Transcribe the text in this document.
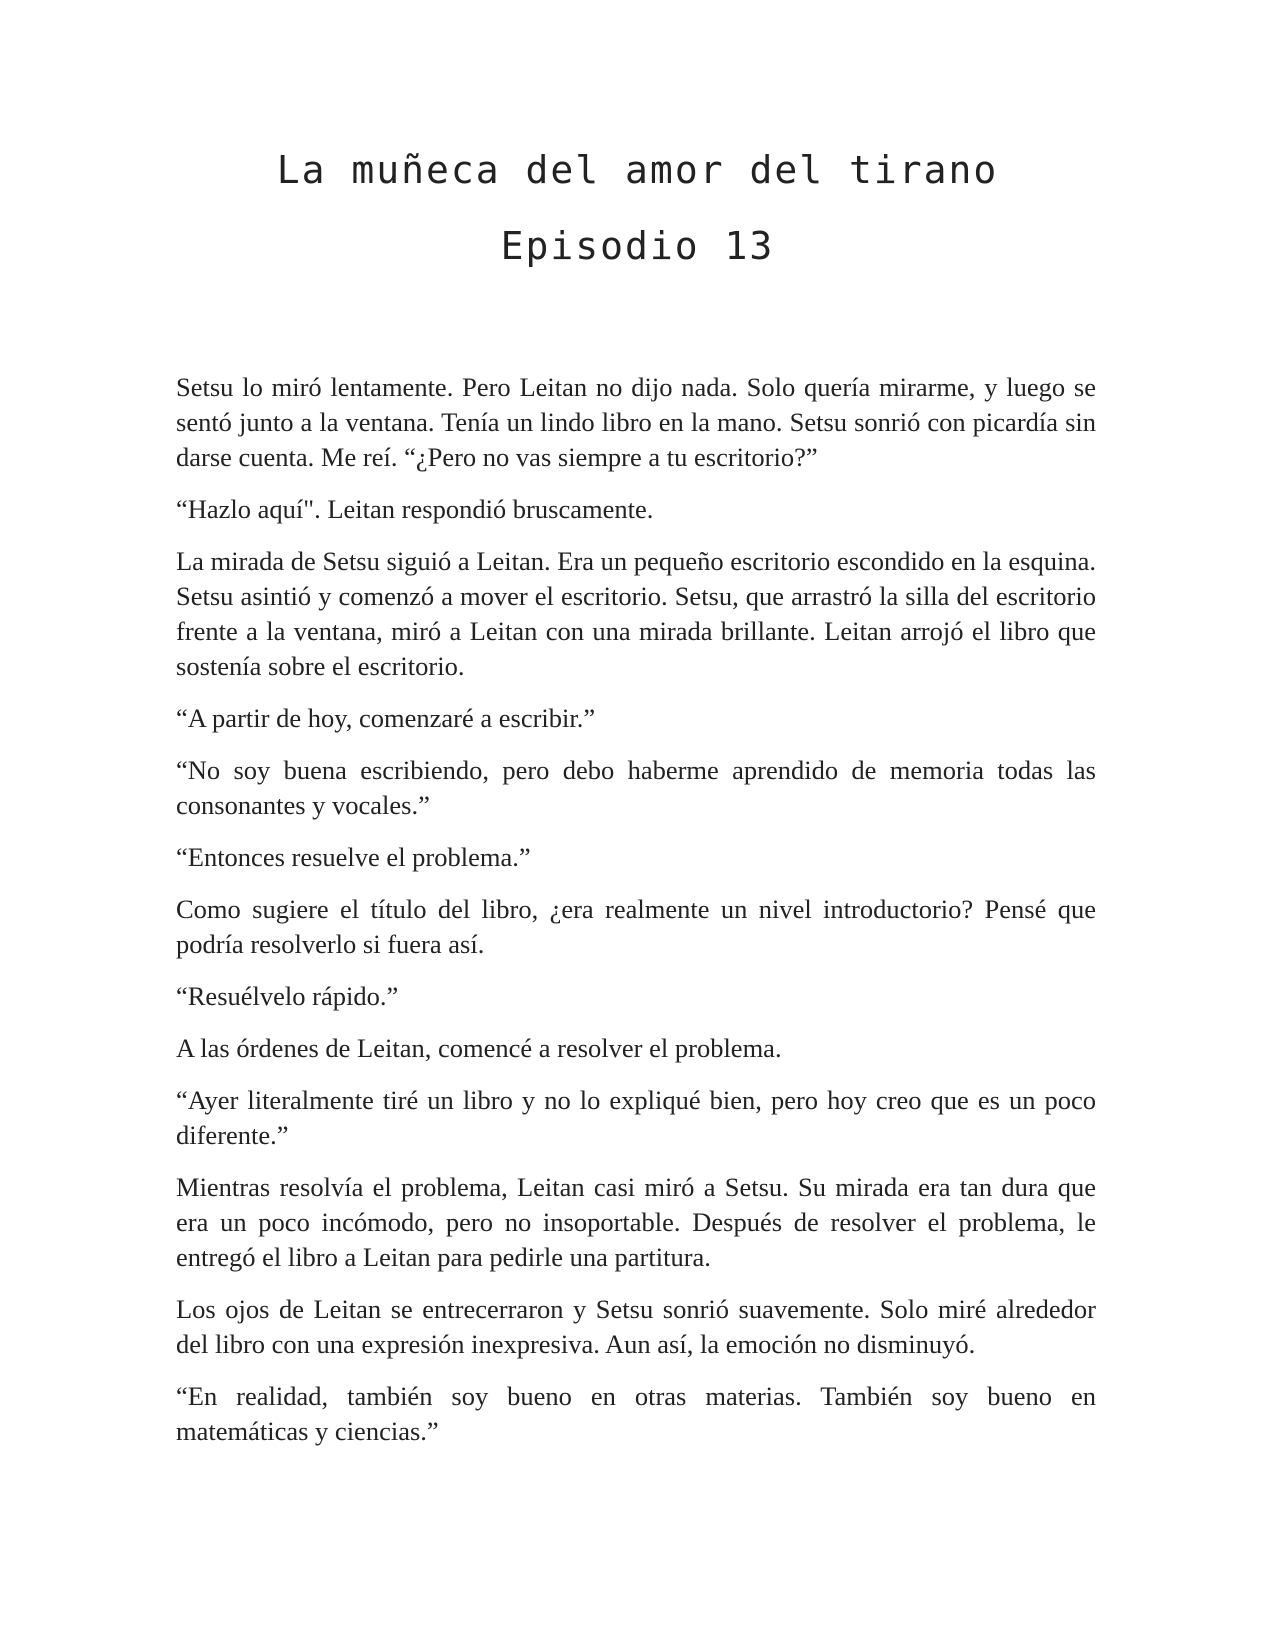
La muñeca del amor del tirano
Episodio 13

Setsu lo miró lentamente. Pero Leitan no dijo nada. Solo quería mirarme, y luego se sentó junto a la ventana. Tenía un lindo libro en la mano. Setsu sonrió con picardía sin darse cuenta. Me reí. “¿Pero no vas siempre a tu escritorio?”

“Hazlo aquí". Leitan respondió bruscamente.

La mirada de Setsu siguió a Leitan. Era un pequeño escritorio escondido en la esquina. Setsu asintió y comenzó a mover el escritorio. Setsu, que arrastró la silla del escritorio frente a la ventana, miró a Leitan con una mirada brillante. Leitan arrojó el libro que sostenía sobre el escritorio.

“A partir de hoy, comenzaré a escribir.”

“No soy buena escribiendo, pero debo haberme aprendido de memoria todas las consonantes y vocales.”

“Entonces resuelve el problema.”

Como sugiere el título del libro, ¿era realmente un nivel introductorio? Pensé que podría resolverlo si fuera así.

“Resuélvelo rápido.”

A las órdenes de Leitan, comencé a resolver el problema.

“Ayer literalmente tiré un libro y no lo expliqué bien, pero hoy creo que es un poco diferente.”

Mientras resolvía el problema, Leitan casi miró a Setsu. Su mirada era tan dura que era un poco incómodo, pero no insoportable. Después de resolver el problema, le entregó el libro a Leitan para pedirle una partitura.

Los ojos de Leitan se entrecerraron y Setsu sonrió suavemente. Solo miré alrededor del libro con una expresión inexpresiva. Aun así, la emoción no disminuyó.

“En realidad, también soy bueno en otras materias. También soy bueno en matemáticas y ciencias.”
